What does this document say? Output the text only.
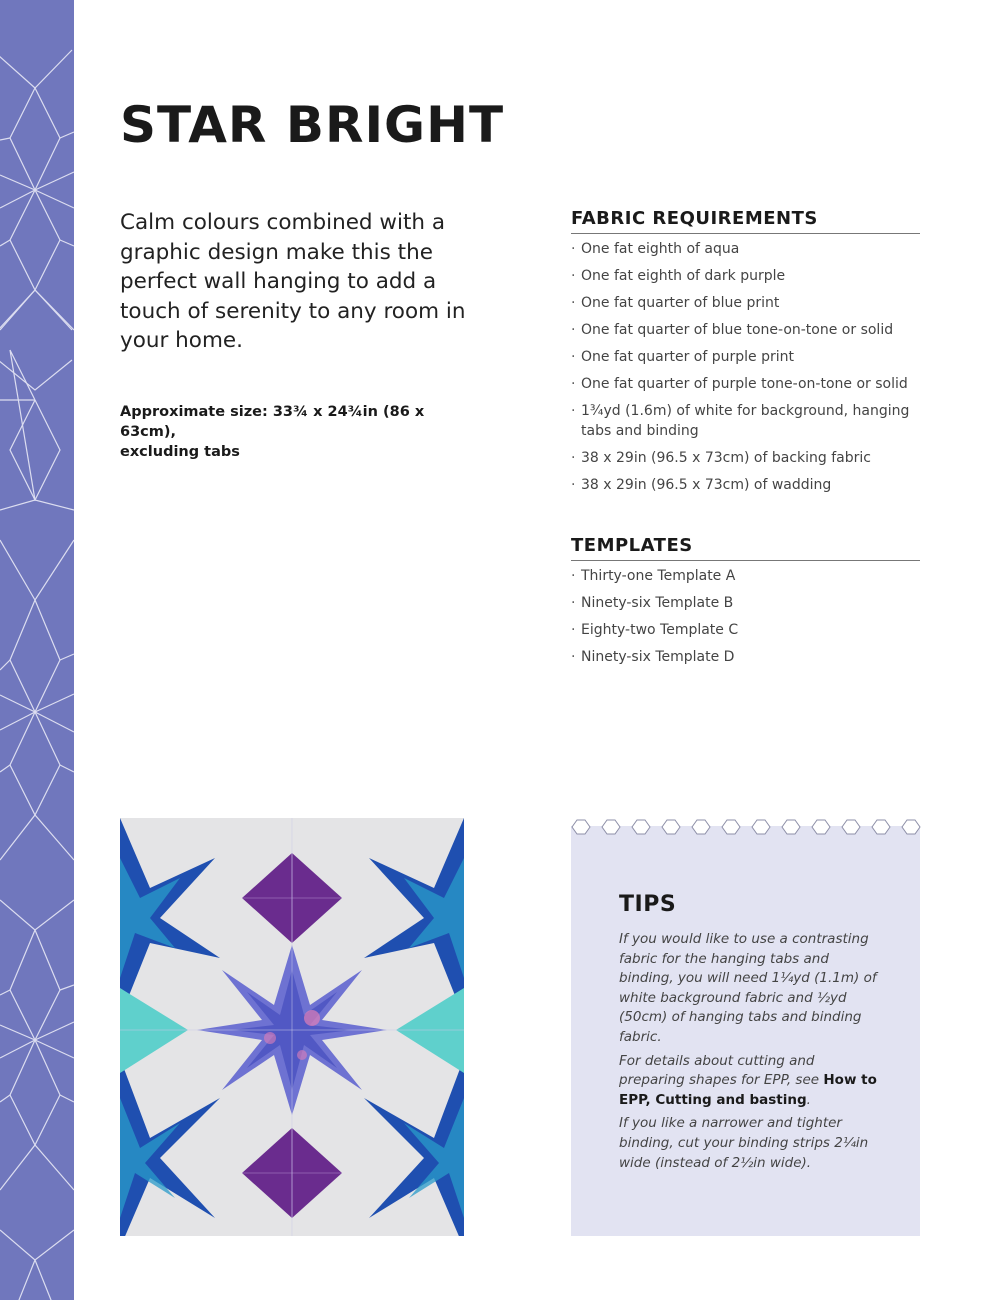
STAR BRIGHT

Calm colours combined with a graphic design make this the perfect wall hanging to add a touch of serenity to any room in your home.

Approximate size: 33¾ x 24¾in (86 x 63cm),
excluding tabs

FABRIC REQUIREMENTS
· One fat eighth of aqua
· One fat eighth of dark purple
· One fat quarter of blue print
· One fat quarter of blue tone-on-tone or solid
· One fat quarter of purple print
· One fat quarter of purple tone-on-tone or solid
· 1¾yd (1.6m) of white for background, hanging tabs and binding
· 38 x 29in (96.5 x 73cm) of backing fabric
· 38 x 29in (96.5 x 73cm) of wadding
TEMPLATES
· Thirty-one Template A
· Ninety-six Template B
· Eighty-two Template C
· Ninety-six Template D
TIPS

If you would like to use a contrasting fabric for the hanging tabs and binding, you will need 1¼yd (1.1m) of white background fabric and ½yd (50cm) of hanging tabs and binding fabric.

For details about cutting and preparing shapes for EPP, see How to EPP, Cutting and basting.

If you like a narrower and tighter binding, cut your binding strips 2¼in wide (instead of 2½in wide).
